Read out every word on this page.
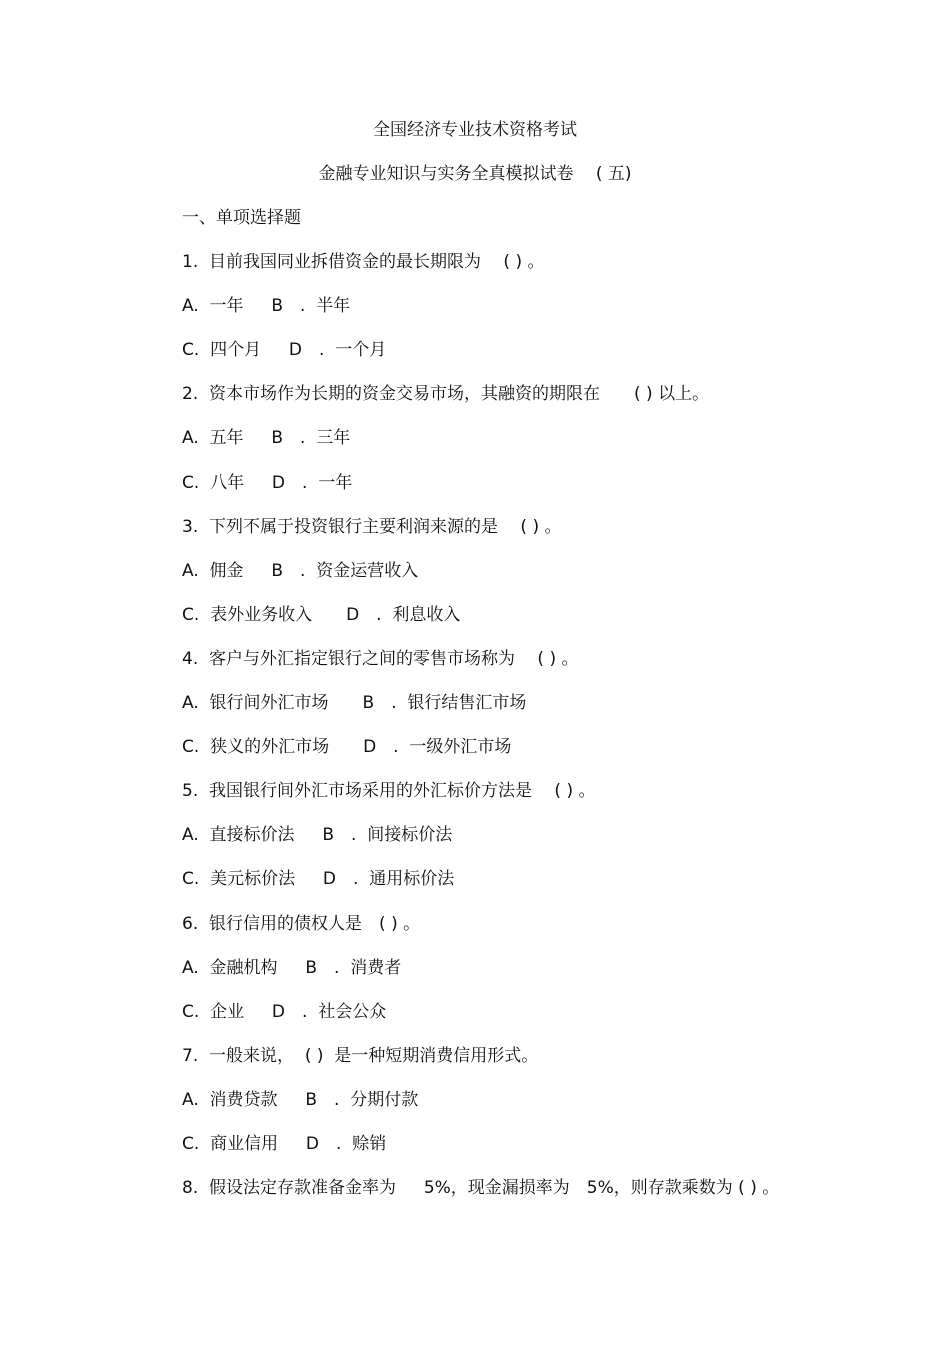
全国经济专业技术资格考试
金融专业知识与实务全真模拟试卷　 ( 五)
一、单项选择题
1.  目前我国同业拆借资金的最长期限为　 ( ) 。
A.  一年　  B　.  半年
C.  四个月　  D　.  一个月
2.  资本市场作为长期的资金交易市场，其融资的期限在　　( ) 以上。
A.  五年　  B　.  三年
C.  八年　  D　.  一年
3.  下列不属于投资银行主要利润来源的是　 ( ) 。
A.  佣金　  B　.  资金运营收入
C.  表外业务收入　　D　.  利息收入
4.  客户与外汇指定银行之间的零售市场称为　 ( ) 。
A.  银行间外汇市场　　B　.  银行结售汇市场
C.  狭义的外汇市场　　D　.  一级外汇市场
5.  我国银行间外汇市场采用的外汇标价方法是　 ( ) 。
A.  直接标价法　  B　.  间接标价法
C.  美元标价法　  D　.  通用标价法
6.  银行信用的债权人是　( ) 。
A.  金融机构　  B　.  消费者
C.  企业　  D　.  社会公众
7.  一般来说，  ( )  是一种短期消费信用形式。
A.  消费贷款　  B　.  分期付款
C.  商业信用　  D　.  赊销
8.  假设法定存款准备金率为　  5%，现金漏损率为　5%，则存款乘数为 ( ) 。
